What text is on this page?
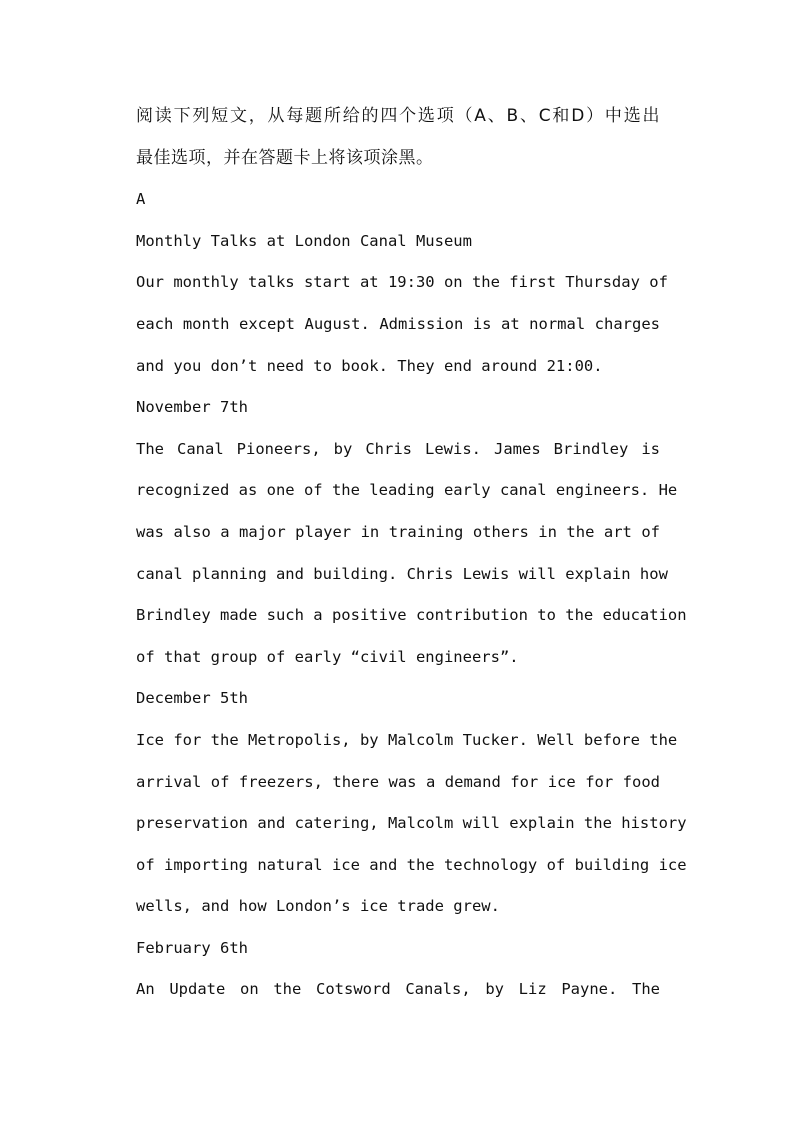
阅读下列短文，从每题所给的四个选项（A、B、C和D）中选出
最佳选项，并在答题卡上将该项涂黑。
A
Monthly Talks at London Canal Museum
Our monthly talks start at 19:30 on the first Thursday of
each month except August. Admission is at normal charges
and you don’t need to book. They end around 21:00.
November 7th
The Canal Pioneers, by Chris Lewis. James Brindley is
recognized as one of the leading early canal engineers. He
was also a major player in training others in the art of
canal planning and building. Chris Lewis will explain how
Brindley made such a positive contribution to the education
of that group of early “civil engineers”.
December 5th
Ice for the Metropolis, by Malcolm Tucker. Well before the
arrival of freezers, there was a demand for ice for food
preservation and catering, Malcolm will explain the history
of importing natural ice and the technology of building ice
wells, and how London’s ice trade grew.
February 6th
An Update on the Cotsword Canals, by Liz Payne. The
